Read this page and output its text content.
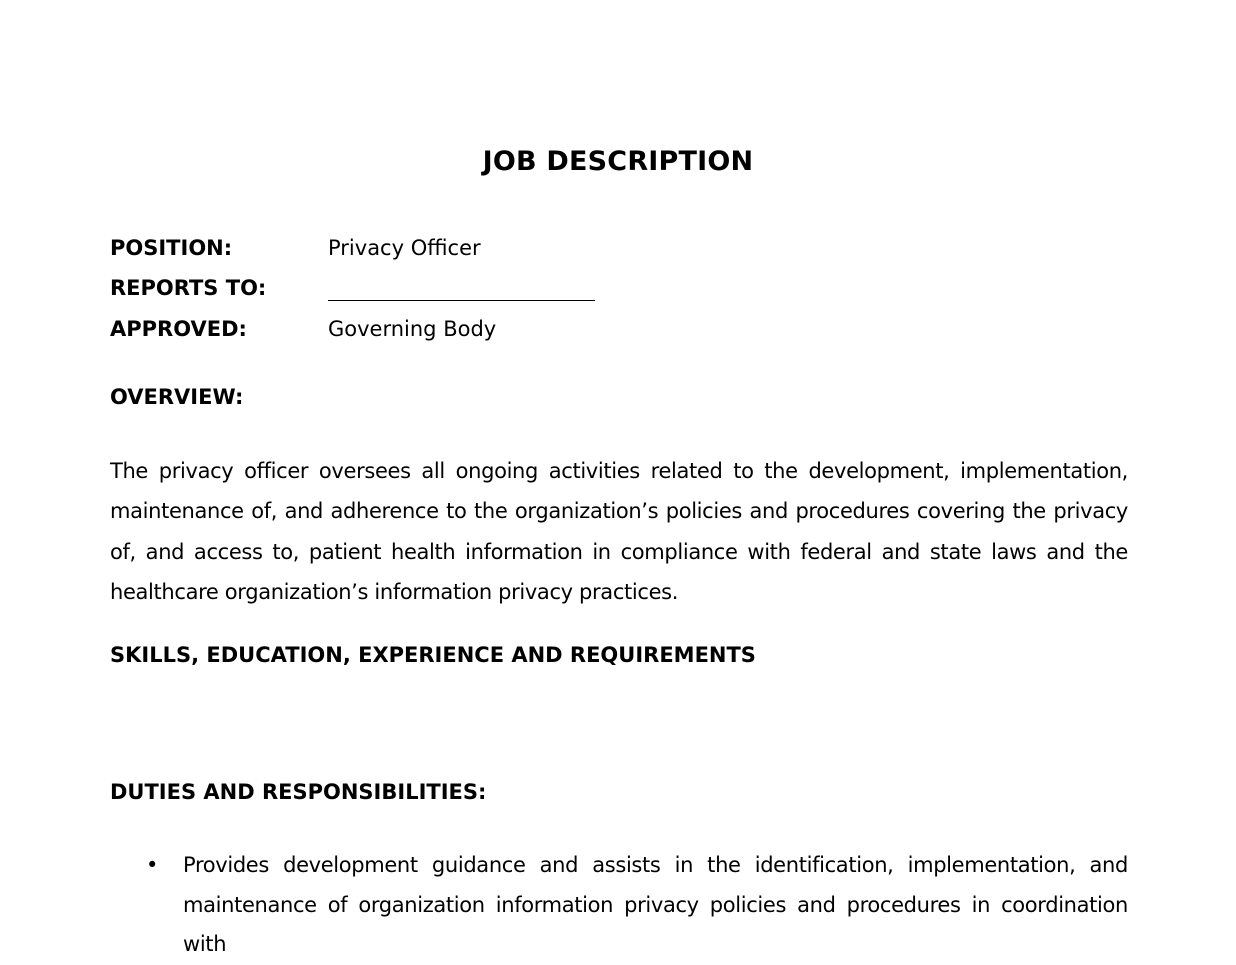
JOB DESCRIPTION
POSITION:	Privacy Officer
REPORTS TO:
APPROVED:	Governing Body
OVERVIEW:
The privacy officer oversees all ongoing activities related to the development, implementation, maintenance of, and adherence to the organization’s policies and procedures covering the privacy of, and access to, patient health information in compliance with federal and state laws and the healthcare organization’s information privacy practices.
SKILLS, EDUCATION, EXPERIENCE AND REQUIREMENTS
DUTIES AND RESPONSIBILITIES:
• Provides development guidance and assists in the identification, implementation, and maintenance of organization information privacy policies and procedures in coordination with
